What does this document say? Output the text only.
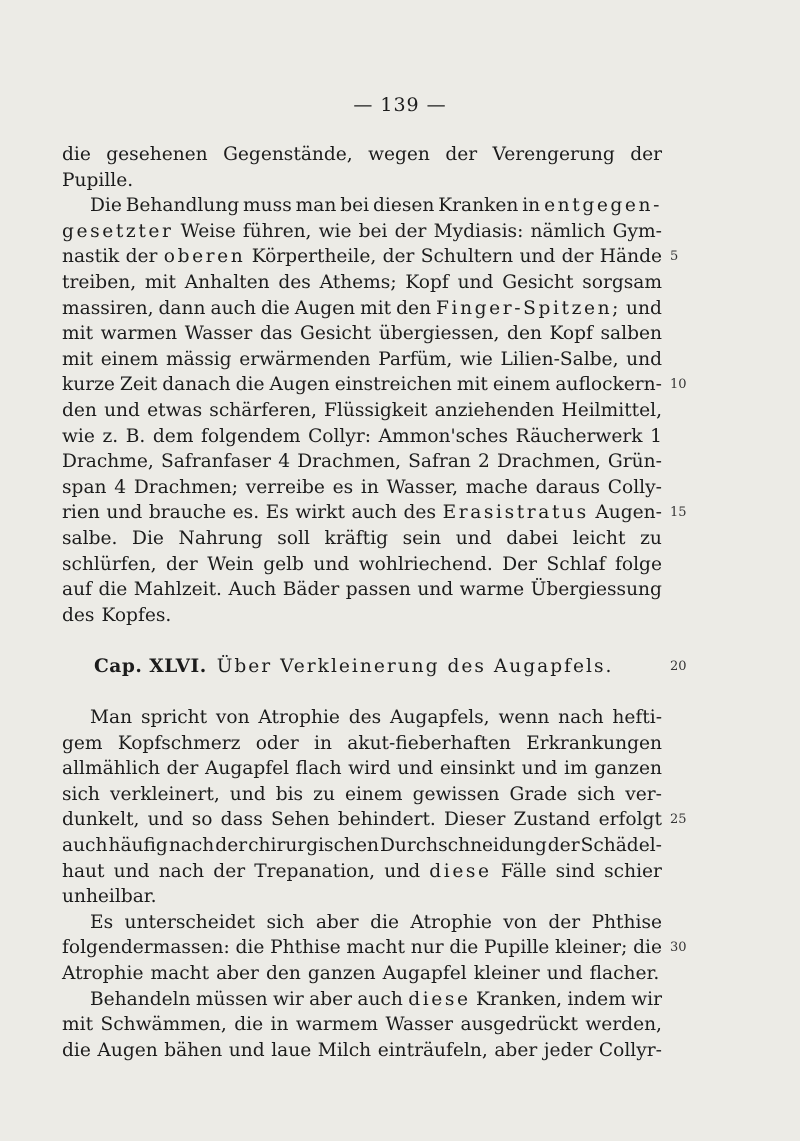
— 139 —
die gesehenen Gegenstände, wegen der Verengerung der
Pupille.
Die Behandlung muss man bei diesen Kranken in entgegen-
gesetzter Weise führen, wie bei der Mydiasis: nämlich Gym-
nastik der oberen Körpertheile, der Schultern und der Hände 5
treiben, mit Anhalten des Athems; Kopf und Gesicht sorgsam
massiren, dann auch die Augen mit den Finger-Spitzen; und
mit warmen Wasser das Gesicht übergiessen, den Kopf salben
mit einem mässig erwärmenden Parfüm, wie Lilien-Salbe, und
kurze Zeit danach die Augen einstreichen mit einem auflockern- 10
den und etwas schärferen, Flüssigkeit anziehenden Heilmittel,
wie z. B. dem folgendem Collyr: Ammon'sches Räucherwerk 1
Drachme, Safranfaser 4 Drachmen, Safran 2 Drachmen, Grün-
span 4 Drachmen; verreibe es in Wasser, mache daraus Colly-
rien und brauche es. Es wirkt auch des Erasistratus Augen- 15
salbe. Die Nahrung soll kräftig sein und dabei leicht zu
schlürfen, der Wein gelb und wohlriechend. Der Schlaf folge
auf die Mahlzeit. Auch Bäder passen und warme Übergiessung
des Kopfes.
Cap. XLVI. Über Verkleinerung des Augapfels.	20
Man spricht von Atrophie des Augapfels, wenn nach hefti-
gem Kopfschmerz oder in akut-fieberhaften Erkrankungen
allmählich der Augapfel flach wird und einsinkt und im ganzen
sich verkleinert, und bis zu einem gewissen Grade sich ver-
dunkelt, und so dass Sehen behindert. Dieser Zustand erfolgt 25
auch häufig nach der chirurgischen Durchschneidung der Schädel-
haut und nach der Trepanation, und diese Fälle sind schier
unheilbar.
Es unterscheidet sich aber die Atrophie von der Phthise
folgendermassen: die Phthise macht nur die Pupille kleiner; die 30
Atrophie macht aber den ganzen Augapfel kleiner und flacher.
Behandeln müssen wir aber auch diese Kranken, indem wir
mit Schwämmen, die in warmem Wasser ausgedrückt werden,
die Augen bähen und laue Milch einträufeln, aber jeder Collyr-
